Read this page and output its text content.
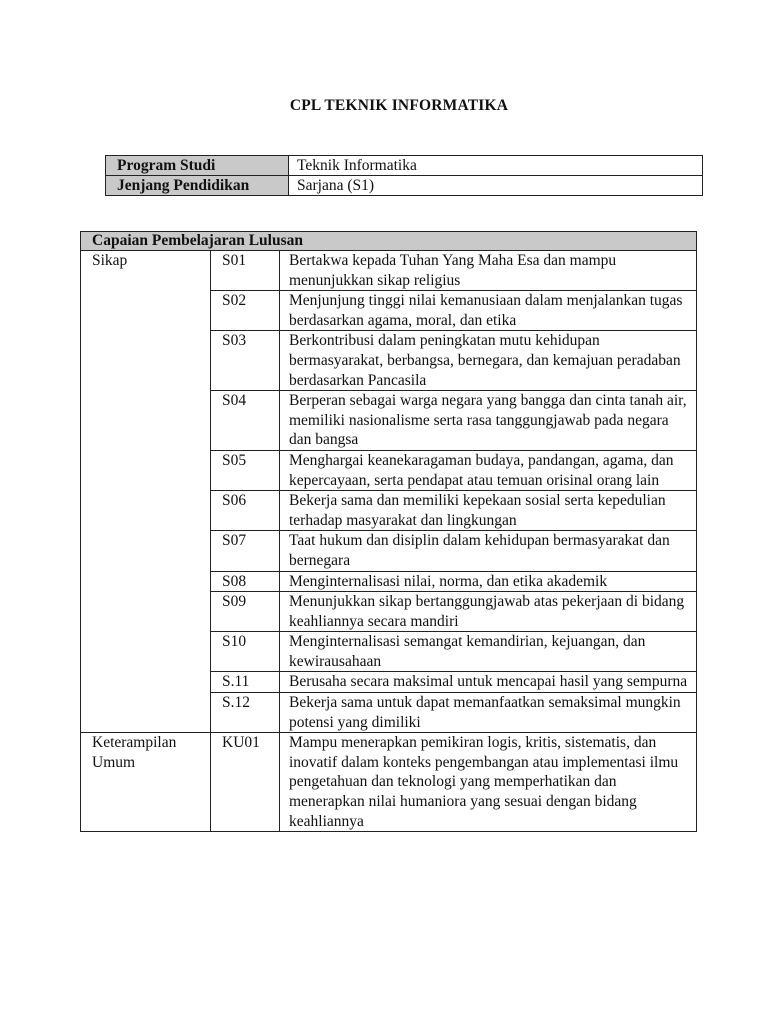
CPL TEKNIK INFORMATIKA
Program Studi	Teknik Informatika
Jenjang Pendidikan	Sarjana (S1)
Capaian Pembelajaran Lulusan		
Sikap	S01	Bertakwa kepada Tuhan Yang Maha Esa dan mampu menunjukkan sikap religius
	S02	Menjunjung tinggi nilai kemanusiaan dalam menjalankan tugas berdasarkan agama, moral, dan etika
	S03	Berkontribusi dalam peningkatan mutu kehidupan bermasyarakat, berbangsa, bernegara, dan kemajuan peradaban berdasarkan Pancasila
	S04	Berperan sebagai warga negara yang bangga dan cinta tanah air, memiliki nasionalisme serta rasa tanggungjawab pada negara dan bangsa
	S05	Menghargai keanekaragaman budaya, pandangan, agama, dan kepercayaan, serta pendapat atau temuan orisinal orang lain
	S06	Bekerja sama dan memiliki kepekaan sosial serta kepedulian terhadap masyarakat dan lingkungan
	S07	Taat hukum dan disiplin dalam kehidupan bermasyarakat dan bernegara
	S08	Menginternalisasi nilai, norma, dan etika akademik
	S09	Menunjukkan sikap bertanggungjawab atas pekerjaan di bidang keahliannya secara mandiri
	S10	Menginternalisasi semangat kemandirian, kejuangan, dan kewirausahaan
	S.11	Berusaha secara maksimal untuk mencapai hasil yang sempurna
	S.12	Bekerja sama untuk dapat memanfaatkan semaksimal mungkin potensi yang dimiliki
Keterampilan Umum	KU01	Mampu menerapkan pemikiran logis, kritis, sistematis, dan inovatif dalam konteks pengembangan atau implementasi ilmu pengetahuan dan teknologi yang memperhatikan dan menerapkan nilai humaniora yang sesuai dengan bidang keahliannya
